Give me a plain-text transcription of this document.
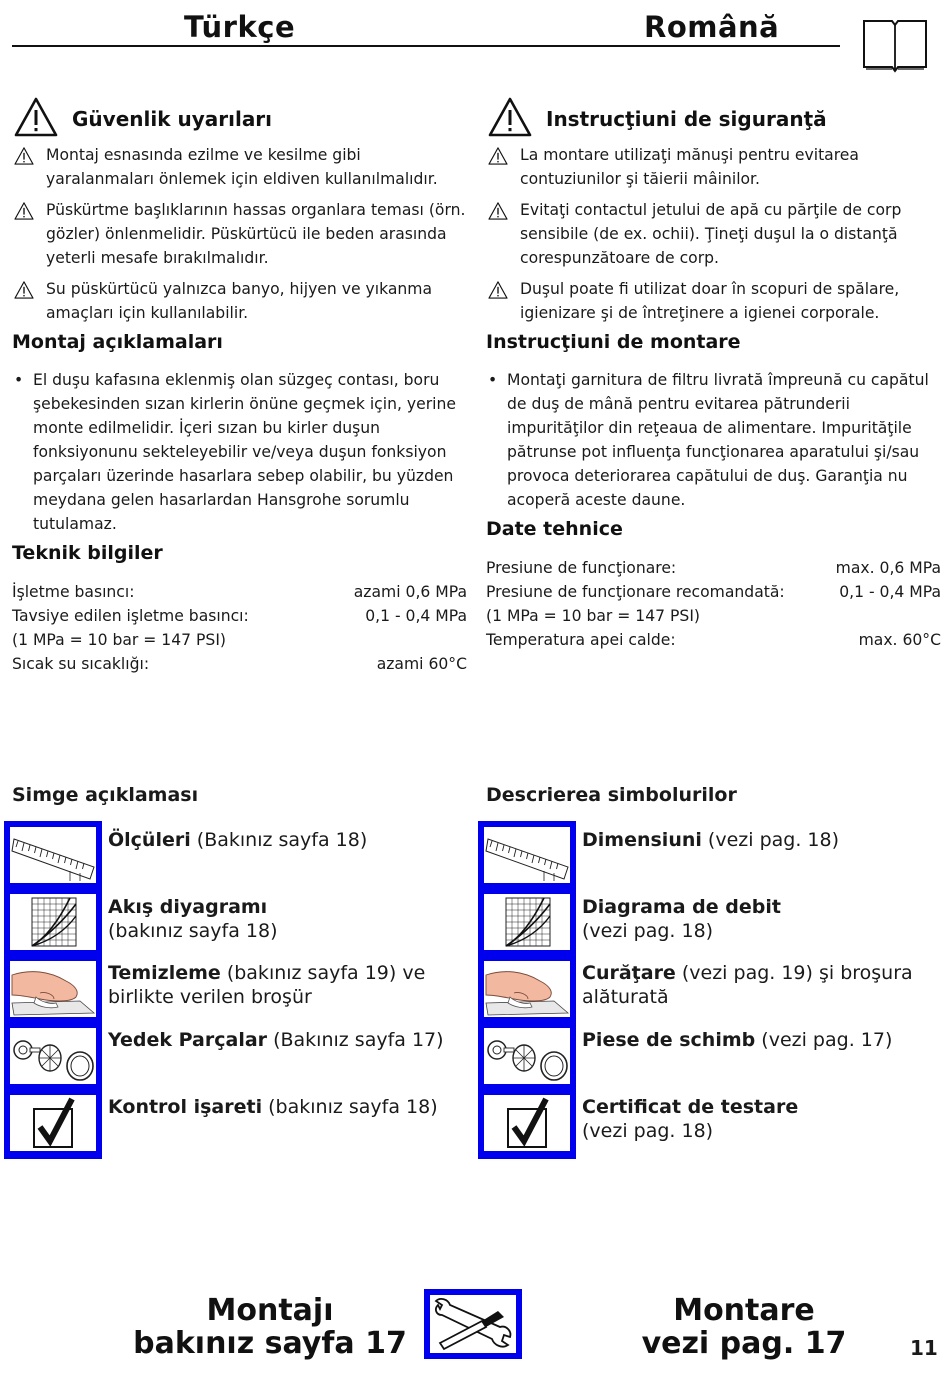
Türkçe	Română
Güvenlik uyarıları

Montaj esnasında ezilme ve kesilme gibi yaralanmaları önlemek için eldiven kullanılmalıdır.

Püskürtme başlıklarının hassas organlara teması (örn. gözler) önlenmelidir. Püskürtücü ile beden arasında yeterli mesafe bırakılmalıdır.

Su püskürtücü yalnızca banyo, hijyen ve yıkanma amaçları için kullanılabilir.

Montaj açıklamaları

• El duşu kafasına eklenmiş olan süzgeç contası, boru şebekesinden sızan kirlerin önüne geçmek için, yerine monte edilmelidir. İçeri sızan bu kirler duşun fonksiyonunu sekteleyebilir ve/veya duşun fonksiyon parçaları üzerinde hasarlara sebep olabilir, bu yüzden meydana gelen hasarlardan Hansgrohe sorumlu tutulamaz.

Teknik bilgiler
İşletme basıncı:	azami 0,6 MPa
Tavsiye edilen işletme basıncı:	0,1 - 0,4 MPa
(1 MPa = 10 bar = 147 PSI)
Sıcak su sıcaklığı:	azami 60°C
Instrucţiuni de siguranţă

La montare utilizaţi mănuşi pentru evitarea contuziunilor şi tăierii mâinilor.

Evitaţi contactul jetului de apă cu părţile de corp sensibile (de ex. ochii). Ţineţi duşul la o distanţă corespunzătoare de corp.

Duşul poate fi utilizat doar în scopuri de spălare, igienizare şi de întreţinere a igienei corporale.

Instrucţiuni de montare

• Montaţi garnitura de filtru livrată împreună cu capătul de duş de mână pentru evitarea pătrunderii impurităţilor din reţeaua de alimentare. Impurităţile pătrunse pot influenţa funcţionarea aparatului şi/sau provoca deteriorarea capătului de duş. Garanţia nu acoperă aceste daune.

Date tehnice
Presiune de funcţionare:	max. 0,6 MPa
Presiune de funcţionare recomandată:	0,1 - 0,4 MPa
(1 MPa = 10 bar = 147 PSI)
Temperatura apei calde:	max. 60°C
Simge açıklaması
Ölçüleri (Bakınız sayfa 18)

Akış diyagramı
(bakınız sayfa 18)
Temizleme (bakınız sayfa 19) ve
birlikte verilen broşür
Yedek Parçalar (Bakınız sayfa 17)

Kontrol işareti (bakınız sayfa 18)

Descrierea simbolurilor
Dimensiuni (vezi pag. 18)

Diagrama de debit
(vezi pag. 18)
Curăţare (vezi pag. 19) şi broşura
alăturată
Piese de schimb (vezi pag. 17)

Certificat de testare
(vezi pag. 18)
Montajı
bakınız sayfa 17
Montare
vezi pag. 17	11
